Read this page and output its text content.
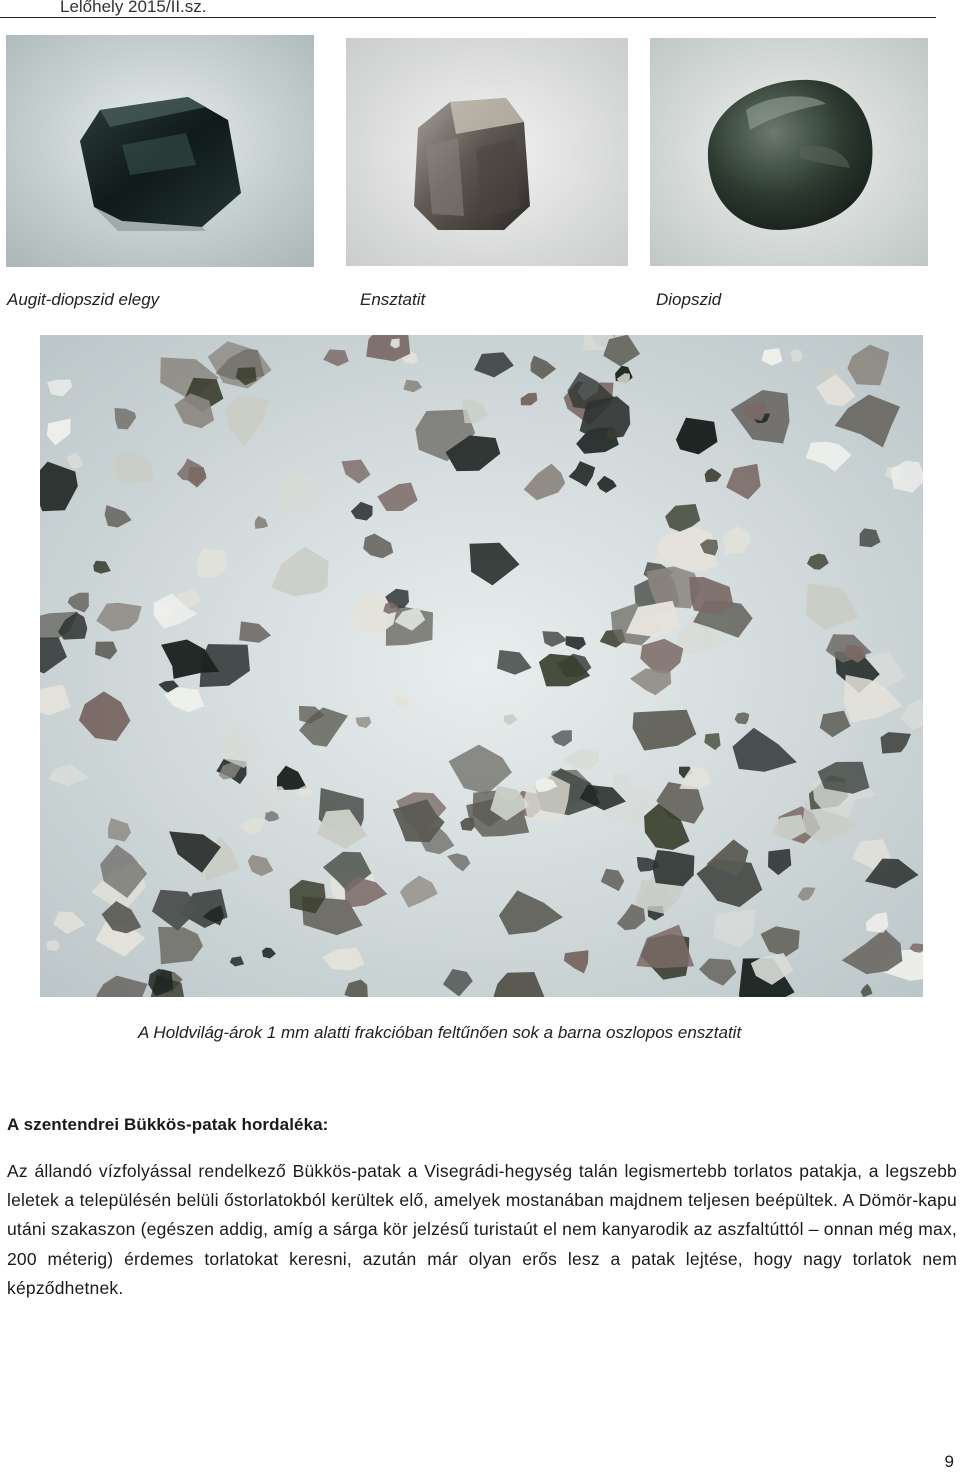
Lelőhely 2015/II.sz.
Augit-diopszid elegy	Ensztatit	Diopszid
A Holdvilág-árok 1 mm alatti frakcióban feltűnően sok a barna oszlopos ensztatit
A szentendrei Bükkös-patak hordaléka:
Az állandó vízfolyással rendelkező Bükkös-patak a Visegrádi-hegység talán legismertebb torlatos patakja, a legszebb leletek a településén belüli őstorlatokból kerültek elő, amelyek mostanában majdnem teljesen beépültek. A Dömör-kapu utáni szakaszon (egészen addig, amíg a sárga kör jelzésű turistaút el nem kanyarodik az aszfaltúttól – onnan még max, 200 méterig) érdemes torlatokat keresni, azután már olyan erős lesz a patak lejtése, hogy nagy torlatok nem képződhetnek.
9
